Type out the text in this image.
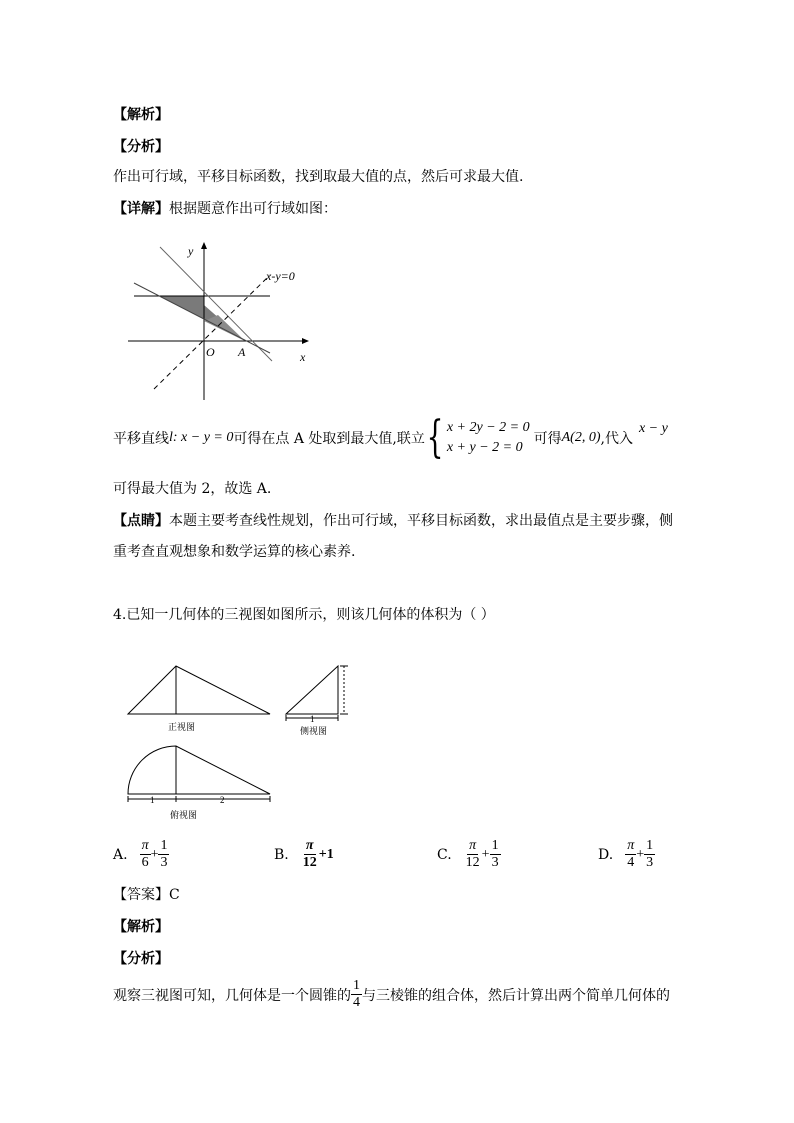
【解析】
【分析】
作出可行域，平移目标函数，找到取最大值的点，然后可求最大值.
【详解】根据题意作出可行域如图：
y
x
O A
x-y=0
平移直线 l : x − y = 0 可得在点 A 处取到最大值,联立 { x + 2y − 2 = 0
x + y − 2 = 0
可得 A(2, 0) ,代入
x − y
可得最大值为 2，故选 A.
【点睛】本题主要考查线性规划，作出可行域，平移目标函数，求出最值点是主要步骤，侧
重考查直观想象和数学运算的核心素养.
4.已知一几何体的三视图如图所示，则该几何体的体积为（ ）
正视图
1
侧视图
1	2
俯视图
A. $\frac{\pi}{6} + \frac{1}{3}$	B. $\frac{\pi}{12} +1$	C. $\frac{\pi}{12} + \frac{1}{3}$	D. $\frac{\pi}{4} + \frac{1}{3}$
【答案】C
【解析】
【分析】
观察三视图可知，几何体是一个圆锥的 $\frac{1}{4}$ 与三棱锥的组合体，然后计算出两个简单几何体的
